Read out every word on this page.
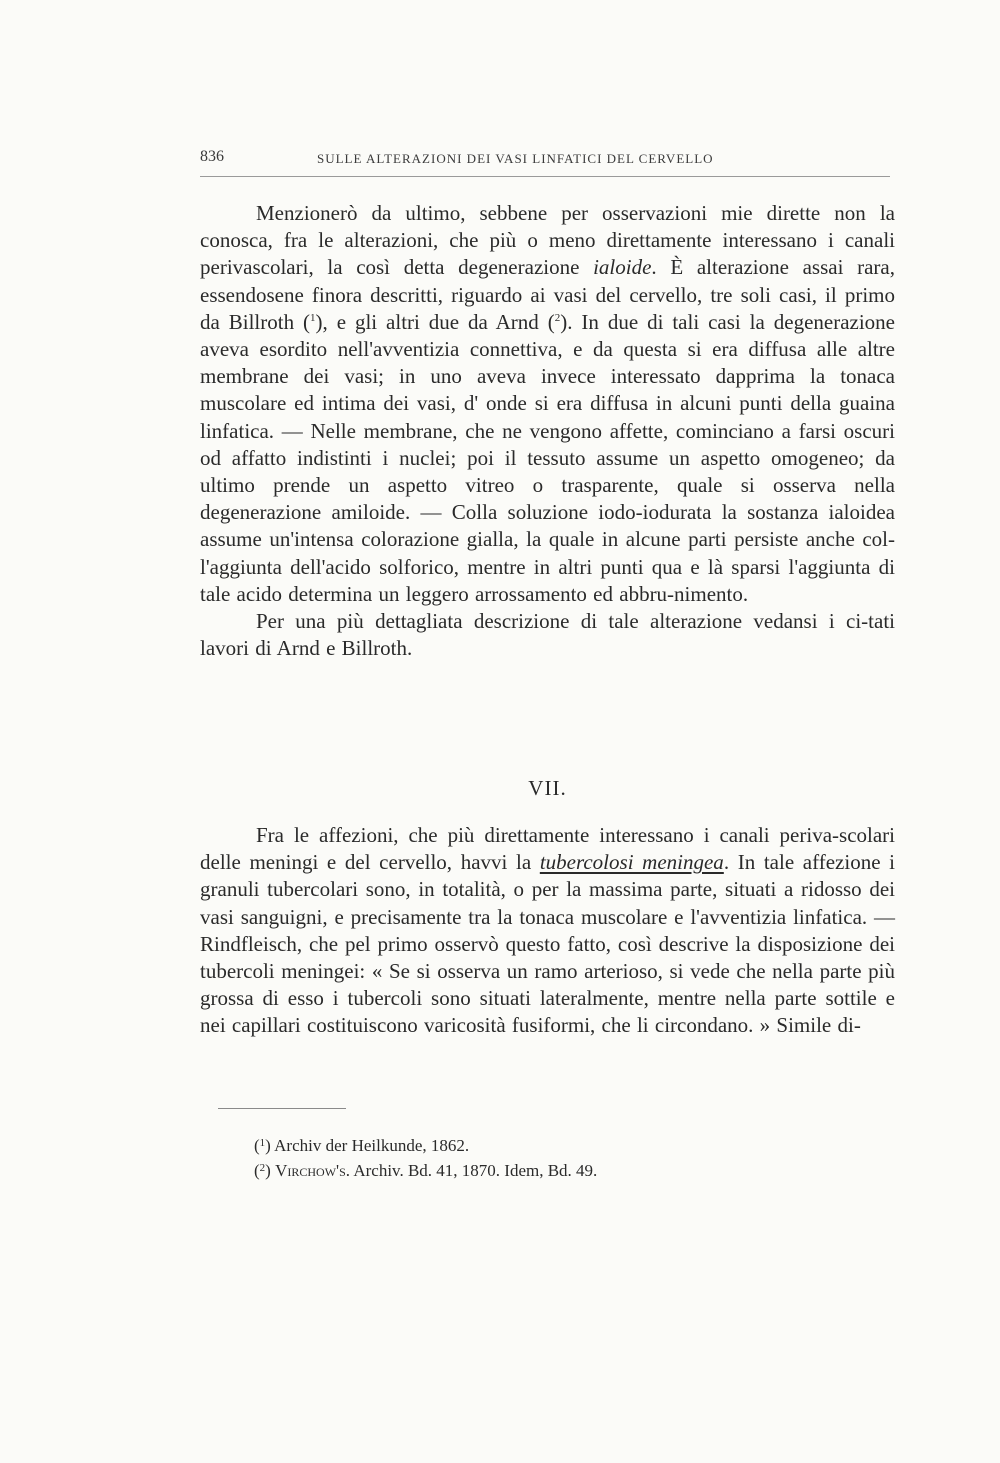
836	SULLE ALTERAZIONI DEI VASI LINFATICI DEL CERVELLO

Menzionerò da ultimo, sebbene per osservazioni mie dirette non la conosca, fra le alterazioni, che più o meno direttamente interessano i canali perivascolari, la così detta degenerazione ialoide. È alterazione assai rara, essendosene finora descritti, riguardo ai vasi del cervello, tre soli casi, il primo da Billroth ($^1$), e gli altri due da Arnd ($^2$). In due di tali casi la degenerazione aveva esordito nell'avventizia connettiva, e da questa si era diffusa alle altre membrane dei vasi; in uno aveva invece interessato dapprima la tonaca muscolare ed intima dei vasi, d' onde si era diffusa in alcuni punti della guaina linfatica. — Nelle membrane, che ne vengono affette, cominciano a farsi oscuri od affatto indistinti i nuclei; poi il tessuto assume un aspetto omogeneo; da ultimo prende un aspetto vitreo o trasparente, quale si osserva nella degenerazione amiloide. — Colla soluzione iodo-iodurata la sostanza ialoidea assume un'intensa colorazione gialla, la quale in alcune parti persiste anche col-l'aggiunta dell'acido solforico, mentre in altri punti qua e là sparsi l'aggiunta di tale acido determina un leggero arrossamento ed abbru-nimento.

Per una più dettagliata descrizione di tale alterazione vedansi i ci-tati lavori di Arnd e Billroth.

VII.

Fra le affezioni, che più direttamente interessano i canali periva-scolari delle meningi e del cervello, havvi la tubercolosi meningea. In tale affezione i granuli tubercolari sono, in totalità, o per la massima parte, situati a ridosso dei vasi sanguigni, e precisamente tra la tonaca muscolare e l'avventizia linfatica. — Rindfleisch, che pel primo osservò questo fatto, così descrive la disposizione dei tubercoli meningei: « Se si osserva un ramo arterioso, si vede che nella parte più grossa di esso i tubercoli sono situati lateralmente, mentre nella parte sottile e nei capillari costituiscono varicosità fusiformi, che li circondano. » Simile di-

($^1$) Archiv der Heilkunde, 1862.

($^2$) Virchow's. Archiv. Bd. 41, 1870. Idem, Bd. 49.
